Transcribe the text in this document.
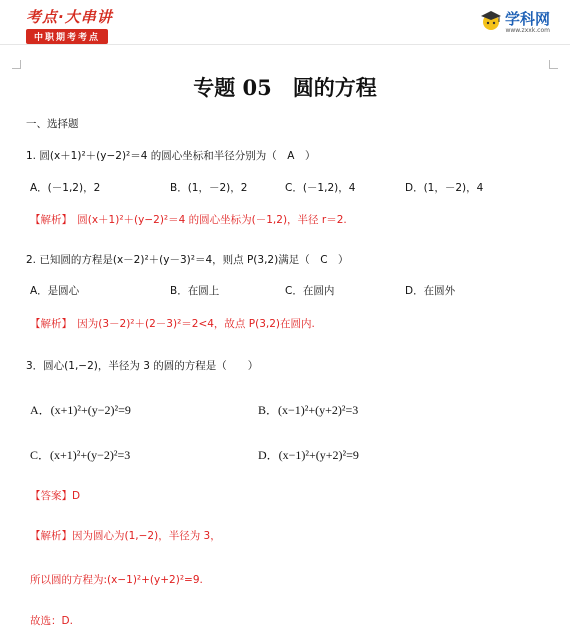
考点·大串讲
中职期考考点
学科网
www.zxxk.com
专题 05　圆的方程
一、选择题
1. 圆(x＋1)²＋(y−2)²＝4 的圆心坐标和半径分别为（　A　）
A．(－1,2)，2	B．(1，－2)，2	C．(－1,2)，4	D．(1，－2)，4
【解析】　圆(x＋1)²＋(y−2)²＝4 的圆心坐标为(－1,2)，半径 r＝2.
2. 已知圆的方程是(x－2)²＋(y－3)²＝4，则点 P(3,2)满足（　C　）
A．是圆心	B．在圆上	C．在圆内	D．在圆外
【解析】　因为(3－2)²＋(2－3)²＝2<4，故点 P(3,2)在圆内.
3．圆心(1,−2)，半径为 3 的圆的方程是（　　）
A．(x+1)²+(y−2)²=9	B．(x−1)²+(y+2)²=3
C．(x+1)²+(y−2)²=3	D．(x−1)²+(y+2)²=9
【答案】D
【解析】因为圆心为(1,−2)，半径为 3，
所以圆的方程为:(x−1)²+(y+2)²=9.
故选：D.
